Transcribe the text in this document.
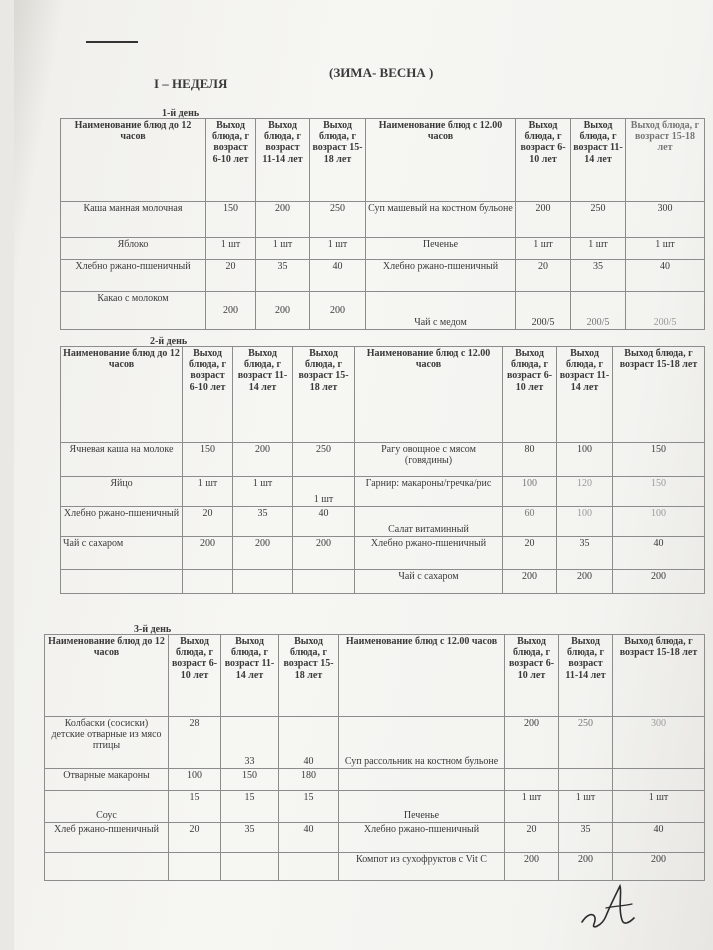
(ЗИМА- ВЕСНА )
I – НЕДЕЛЯ
1-й день
Наименование блюд до 12 часов	Выход блюда, г возраст 6-10 лет	Выход блюда, г возраст 11-14 лет	Выход блюда, г возраст 15-18 лет	Наименование блюд с 12.00 часов	Выход блюда, г возраст 6-10 лет	Выход блюда, г возраст 11-14 лет	Выход блюда, г возраст 15-18 лет
Каша манная молочная	150	200	250	Суп машевый на костном бульоне	200	250	300
Яблоко	1 шт	1 шт	1 шт	Печенье	1 шт	1 шт	1 шт
Хлебно ржано-пшеничный	20	35	40	Хлебно ржано-пшеничный	20	35	40
Какао с молоком	200	200	200	Чай с медом	200/5	200/5	200/5
2-й день
Наименование блюд до 12 часов	Выход блюда, г возраст 6-10 лет	Выход блюда, г возраст 11-14 лет	Выход блюда, г возраст 15-18 лет	Наименование блюд с 12.00 часов	Выход блюда, г возраст 6-10 лет	Выход блюда, г возраст 11-14 лет	Выход блюда, г возраст 15-18 лет
Ячневая каша на молоке	150	200	250	Рагу овощное с мясом (говядины)	80	100	150
Яйцо	1 шт	1 шт	1 шт	Гарнир: макароны/гречка/рис	100	120	150
Хлебно ржано-пшеничный	20	35	40	Салат витаминный	60	100	100
Чай с сахаром	200	200	200	Хлебно ржано-пшеничный	20	35	40
				Чай с сахаром	200	200	200
3-й день
Наименование блюд до 12 часов	Выход блюда, г возраст 6-10 лет	Выход блюда, г возраст 11-14 лет	Выход блюда, г возраст 15-18 лет	Наименование блюд с 12.00 часов	Выход блюда, г возраст 6-10 лет	Выход блюда, г возраст 11-14 лет	Выход блюда, г возраст 15-18 лет
Колбаски (сосиски) детские отварные из мясо птицы	28	33	40	Суп рассольник на костном бульоне	200	250	300
Отварные макароны	100	150	180				
Соус	15	15	15	Печенье	1 шт	1 шт	1 шт
Хлеб ржано-пшеничный	20	35	40	Хлебно ржано-пшеничный	20	35	40
				Компот из сухофруктов с Vit C	200	200	200
